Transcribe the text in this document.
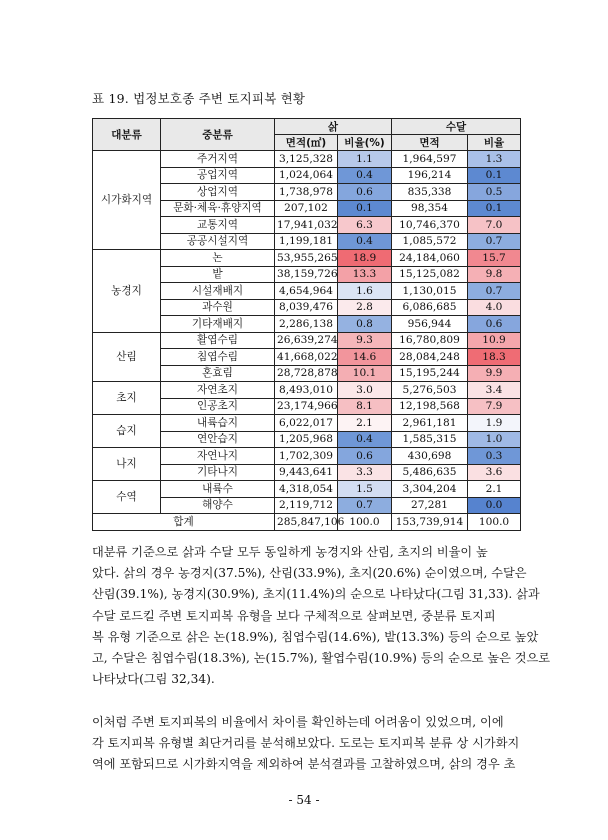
표 19. 법정보호종 주변 토지피복 현황
대분류	중분류	삵		수달	
		면적(㎡)	비율(%)	면적	비율
시가화지역	주거지역	3,125,328	1.1	1,964,597	1.3
	공업지역	1,024,064	0.4	196,214	0.1
	상업지역	1,738,978	0.6	835,338	0.5
	문화·체육·휴양지역	207,102	0.1	98,354	0.1
	교통지역	17,941,032	6.3	10,746,370	7.0
	공공시설지역	1,199,181	0.4	1,085,572	0.7
농경지	논	53,955,265	18.9	24,184,060	15.7
	밭	38,159,726	13.3	15,125,082	9.8
	시설재배지	4,654,964	1.6	1,130,015	0.7
	과수원	8,039,476	2.8	6,086,685	4.0
	기타재배지	2,286,138	0.8	956,944	0.6
산림	활엽수림	26,639,274	9.3	16,780,809	10.9
	침엽수림	41,668,022	14.6	28,084,248	18.3
	혼효림	28,728,878	10.1	15,195,244	9.9
초지	자연초지	8,493,010	3.0	5,276,503	3.4
	인공초지	23,174,966	8.1	12,198,568	7.9
습지	내륙습지	6,022,017	2.1	2,961,181	1.9
	연안습지	1,205,968	0.4	1,585,315	1.0
나지	자연나지	1,702,309	0.6	430,698	0.3
	기타나지	9,443,641	3.3	5,486,635	3.6
수역	내륙수	4,318,054	1.5	3,304,204	2.1
	해양수	2,119,712	0.7	27,281	0.0
합계		285,847,106	100.0	153,739,914	100.0
대분류 기준으로 삵과 수달 모두 동일하게 농경지와 산림, 초지의 비율이 높
았다. 삵의 경우 농경지(37.5%), 산림(33.9%), 초지(20.6%) 순이였으며, 수달은
산림(39.1%), 농경지(30.9%), 초지(11.4%)의 순으로 나타났다(그림 31,33). 삵과
수달 로드킬 주변 토지피복 유형을 보다 구체적으로 살펴보면, 중분류 토지피
복 유형 기준으로 삵은 논(18.9%), 침엽수림(14.6%), 밭(13.3%) 등의 순으로 높았
고, 수달은 침엽수림(18.3%), 논(15.7%), 활엽수림(10.9%) 등의 순으로 높은 것으로
나타났다(그림 32,34).
이처럼 주변 토지피복의 비율에서 차이를 확인하는데 어려움이 있었으며, 이에
각 토지피복 유형별 최단거리를 분석해보았다. 도로는 토지피복 분류 상 시가화지
역에 포함되므로 시가화지역을 제외하여 분석결과를 고찰하였으며, 삵의 경우 초
- 54 -
